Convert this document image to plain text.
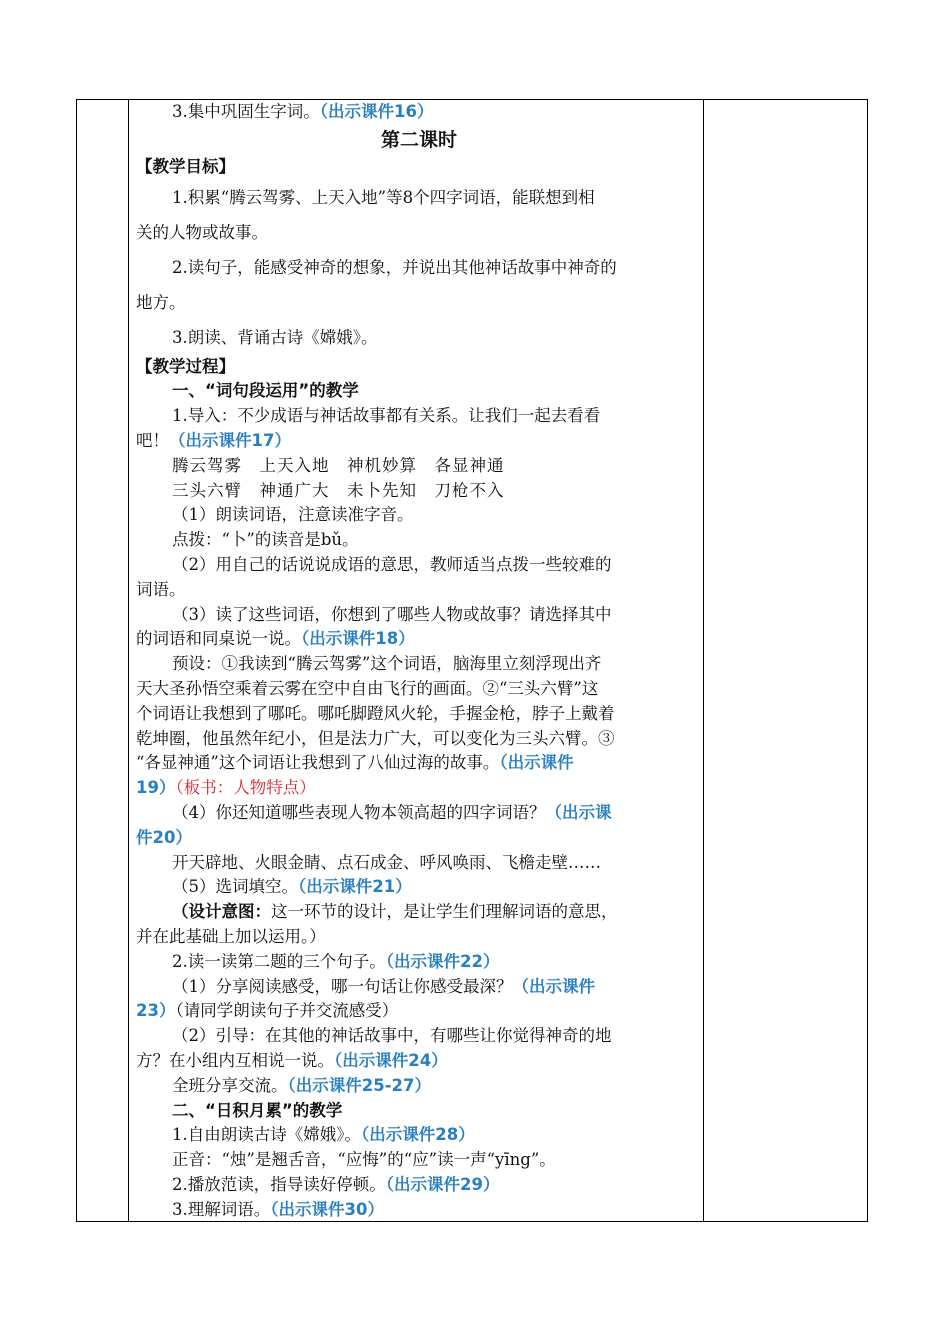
3.集中巩固生字词。（出示课件16）
第二课时
【教学目标】
1.积累“腾云驾雾、上天入地”等8个四字词语，能联想到相
关的人物或故事。
2.读句子，能感受神奇的想象，并说出其他神话故事中神奇的
地方。
3.朗读、背诵古诗《嫦娥》。
【教学过程】
一、“词句段运用”的教学
1.导入：不少成语与神话故事都有关系。让我们一起去看看
吧！（出示课件17）
腾云驾雾　上天入地　神机妙算　各显神通
三头六臂　神通广大　未卜先知　刀枪不入
（1）朗读词语，注意读准字音。
点拨：“卜”的读音是bǔ。
（2）用自己的话说说成语的意思，教师适当点拨一些较难的
词语。
（3）读了这些词语，你想到了哪些人物或故事？请选择其中
的词语和同桌说一说。（出示课件18）
预设：①我读到“腾云驾雾”这个词语，脑海里立刻浮现出齐
天大圣孙悟空乘着云雾在空中自由飞行的画面。②“三头六臂”这
个词语让我想到了哪吒。哪吒脚蹬风火轮，手握金枪，脖子上戴着
乾坤圈，他虽然年纪小，但是法力广大，可以变化为三头六臂。③
“各显神通”这个词语让我想到了八仙过海的故事。（出示课件
19）（板书：人物特点）
（4）你还知道哪些表现人物本领高超的四字词语？（出示课
件20）
开天辟地、火眼金睛、点石成金、呼风唤雨、飞檐走壁……
（5）选词填空。（出示课件21）
（设计意图：这一环节的设计，是让学生们理解词语的意思，
并在此基础上加以运用。）
2.读一读第二题的三个句子。（出示课件22）
（1）分享阅读感受，哪一句话让你感受最深？（出示课件
23）（请同学朗读句子并交流感受）
（2）引导：在其他的神话故事中，有哪些让你觉得神奇的地
方？在小组内互相说一说。（出示课件24）
全班分享交流。（出示课件25-27）
二、“日积月累”的教学
1.自由朗读古诗《嫦娥》。（出示课件28）
正音：“烛”是翘舌音，“应悔”的“应”读一声“yīng”。
2.播放范读，指导读好停顿。（出示课件29）
3.理解词语。（出示课件30）
